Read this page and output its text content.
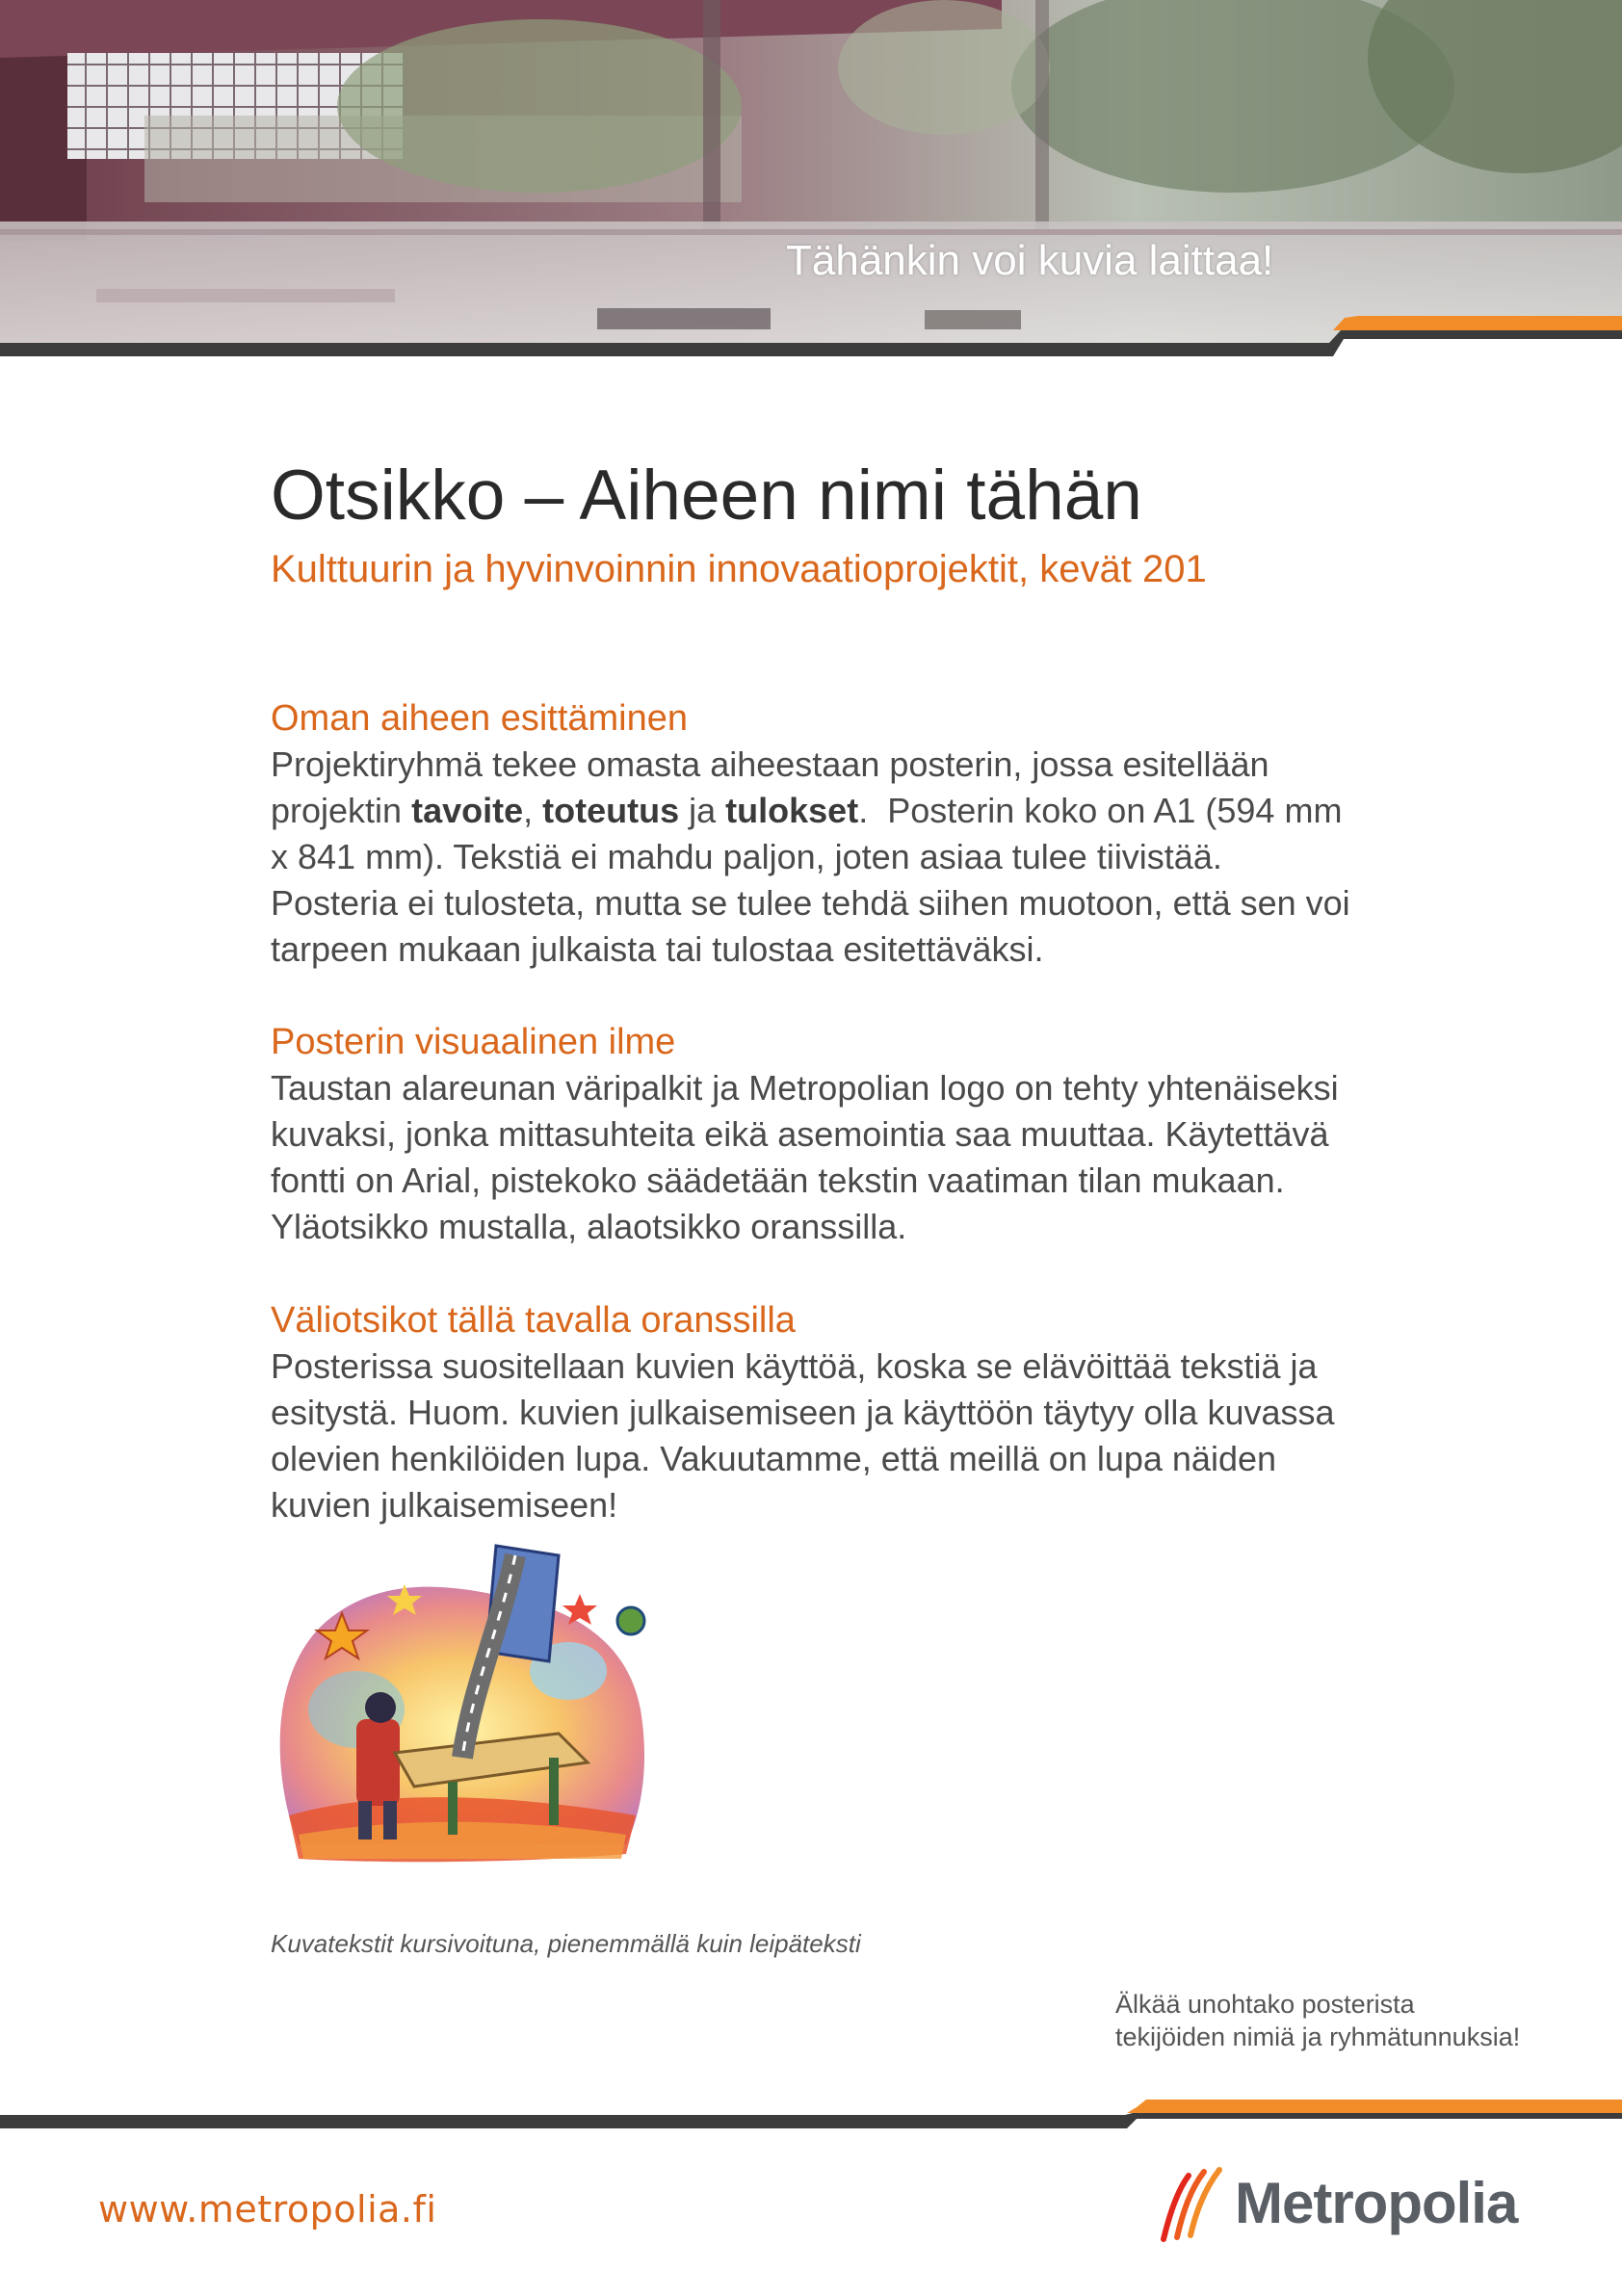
Tähänkin voi kuvia laittaa!
Otsikko – Aiheen nimi tähän
Kulttuurin ja hyvinvoinnin innovaatioprojektit, kevät 201
Oman aiheen esittäminen

Projektiryhmä tekee omasta aiheestaan posterin, jossa esitellään
projektin tavoite, toteutus ja tulokset.  Posterin koko on A1 (594 mm
x 841 mm). Tekstiä ei mahdu paljon, joten asiaa tulee tiivistää.
Posteria ei tulosteta, mutta se tulee tehdä siihen muotoon, että sen voi
tarpeen mukaan julkaista tai tulostaa esitettäväksi.

Posterin visuaalinen ilme

Taustan alareunan väripalkit ja Metropolian logo on tehty yhtenäiseksi
kuvaksi, jonka mittasuhteita eikä asemointia saa muuttaa. Käytettävä
fontti on Arial, pistekoko säädetään tekstin vaatiman tilan mukaan.
Yläotsikko mustalla, alaotsikko oranssilla.

Väliotsikot tällä tavalla oranssilla

Posterissa suositellaan kuvien käyttöä, koska se elävöittää tekstiä ja
esitystä. Huom. kuvien julkaisemiseen ja käyttöön täytyy olla kuvassa
olevien henkilöiden lupa. Vakuutamme, että meillä on lupa näiden
kuvien julkaisemiseen!

Kuvatekstit kursivoituna, pienemmällä kuin leipäteksti
Älkää unohtako posterista
tekijöiden nimiä ja ryhmätunnuksia!
www.metropolia.fi	Metropolia
